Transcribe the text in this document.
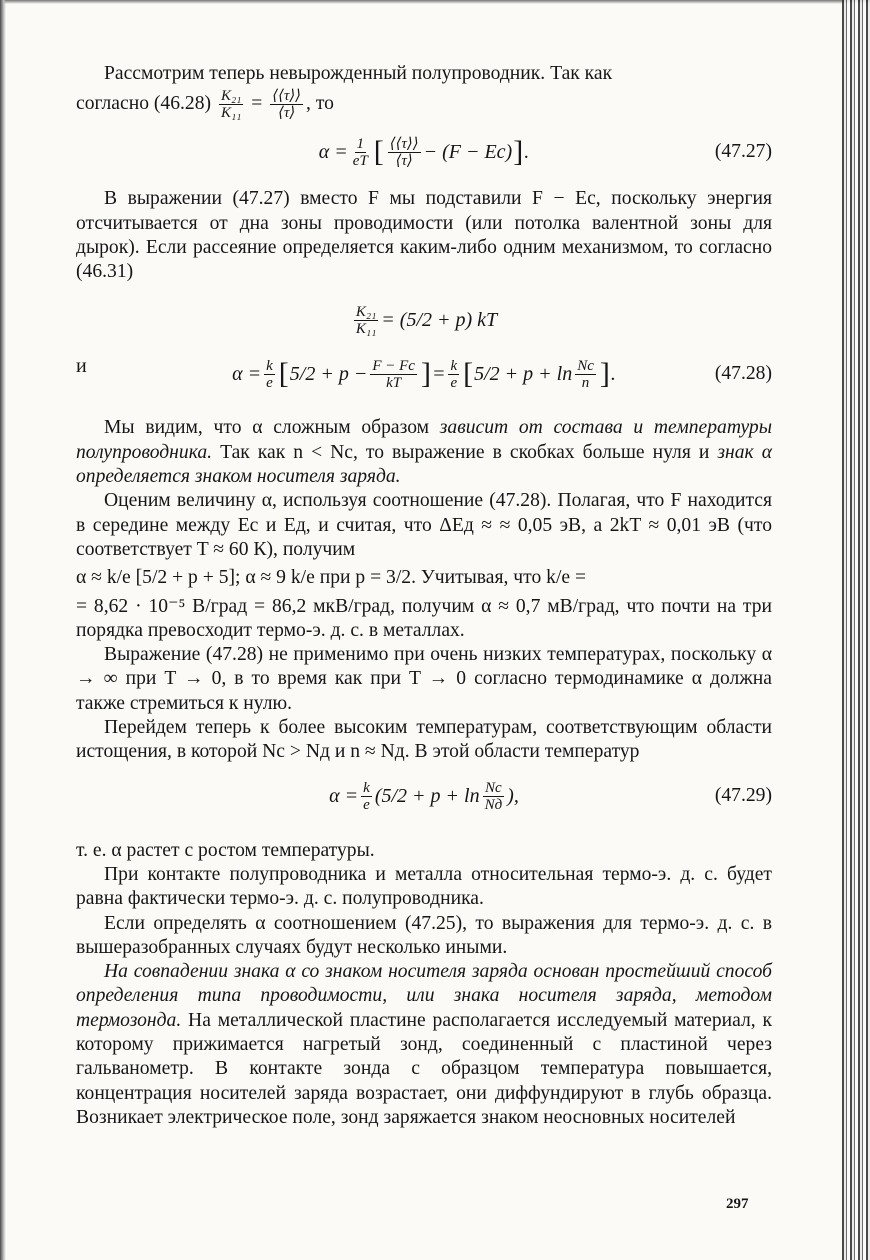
Рассмотрим теперь невырожденный полупроводник. Так как

согласно $(46.28) \frac{\text{K₂₁}}{\text{K₁₁}} = \frac{⟨⟨\tau⟩⟩}{⟨\tau⟩}$ , то

$\alpha = \frac{1}{eT}$ [ $\frac{⟨⟨\tau⟩⟩}{⟨\tau⟩} - (F - Eс)$ ] .	(47.27)

В выражении (47.27) вместо F мы подставили F − Eс, поскольку энергия отсчитывается от дна зоны проводимости (или потолка валентной зоны для дырок). Если рассеяние определяется каким-либо одним механизмом, то согласно (46.31)

$\frac{\text{K₂₁}}{\text{K₁₁}} = (5/2 + p)$ kT
и	$\alpha = \frac{k}{e}$ [ $5/2 + p - \frac{F - Fс}{kT}$ ] = $\frac{k}{e}$ [ $5/2 + p + \ln \frac{Nс}{n}$ ] .	(47.28)

Мы видим, что α сложным образом зависит от состава и температуры полупроводника. Так как n < Nс, то выражение в скобках больше нуля и знак α определяется знаком носителя заряда.

Оценим величину α, используя соотношение (47.28). Полагая, что F находится в середине между Eс и Eд, и считая, что ΔEд ≈ ≈ 0,05 эВ, а 2kT ≈ 0,01 эВ (что соответствует T ≈ 60 К), получим

α ≈ k/e [5/2 + p + 5]; α ≈ 9 k/e при p = 3/2. Учитывая, что k/e =

= 8,62 · 10⁻⁵ В/град = 86,2 мкВ/град, получим α ≈ 0,7 мВ/град, что почти на три порядка превосходит термо-э. д. с. в металлах.

Выражение (47.28) не применимо при очень низких температурах, поскольку α → ∞ при T → 0, в то время как при T → 0 согласно термодинамике α должна также стремиться к нулю.

Перейдем теперь к более высоким температурам, соответствующим области истощения, в которой Nс > Nд и n ≈ Nд. В этой области температур

$\alpha = \frac{k}{e} (5/2 + p + \ln \frac{Nс}{Nд}$ ),	(47.29)

т. е. α растет с ростом температуры.

При контакте полупроводника и металла относительная термо-э. д. с. будет равна фактически термо-э. д. с. полупроводника.

Если определять α соотношением (47.25), то выражения для термо-э. д. с. в вышеразобранных случаях будут несколько иными.

На совпадении знака α со знаком носителя заряда основан простейший способ определения типа проводимости, или знака носителя заряда, методом термозонда. На металлической пластине располагается исследуемый материал, к которому прижимается нагретый зонд, соединенный с пластиной через гальванометр. В контакте зонда с образцом температура повышается, концентрация носителей заряда возрастает, они диффундируют в глубь образца. Возникает электрическое поле, зонд заряжается знаком неосновных носителей

297
